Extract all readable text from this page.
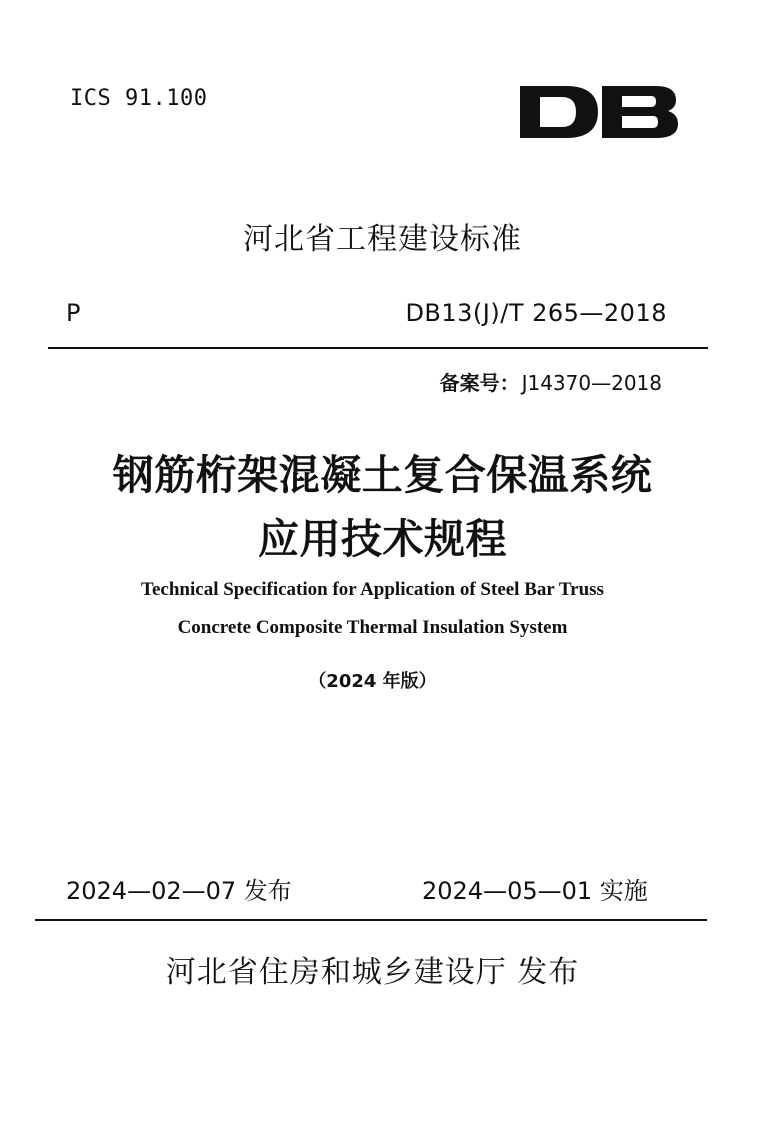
ICS 91.100
DB
河北省工程建设标准
P	DB13(J)/T 265—2018
备案号： J14370—2018
钢筋桁架混凝土复合保温系统
应用技术规程
Technical Specification for Application of Steel Bar Truss
Concrete Composite Thermal Insulation System
（2024 年版）
2024—02—07 发布	2024—05—01 实施
河北省住房和城乡建设厅 发布
